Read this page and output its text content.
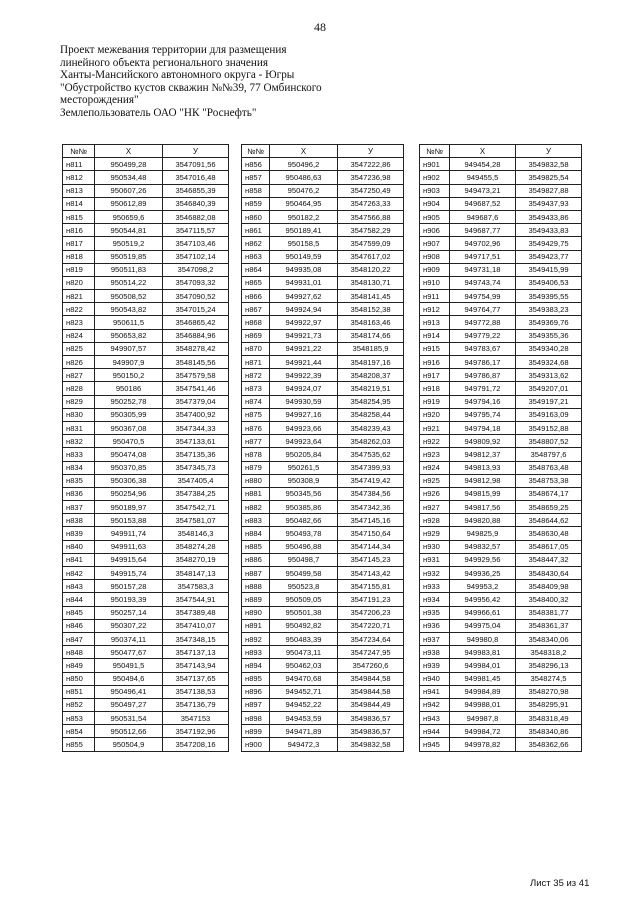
48
Проект межевания территории для размещения
линейного объекта регионального значения
Ханты-Мансийского автономного округа - Югры
"Обустройство кустов скважин №№39, 77 Омбинского
месторождения"
Землепользователь ОАО "НК "Роснефть"
№№	X	У
н811	950499,28	3547091,56
н812	950534,48	3547016,48
н813	950607,26	3546855,39
н814	950612,89	3546840,39
н815	950659,6	3546882,08
н816	950544,81	3547115,57
н817	950519,2	3547103,46
н818	950519,85	3547102,14
н819	950511,83	3547098,2
н820	950514,22	3547093,32
н821	950508,52	3547090,52
н822	950543,82	3547015,24
н823	950611,5	3546865,42
н824	950653,82	3546884,96
н825	949907,57	3548278,42
н826	949907,9	3548145,56
н827	950150,2	3547579,58
н828	950186	3547541,46
н829	950252,78	3547379,04
н830	950305,99	3547400,92
н831	950367,08	3547344,33
н832	950470,5	3547133,61
н833	950474,08	3547135,36
н834	950370,85	3547345,73
н835	950306,38	3547405,4
н836	950254,96	3547384,25
н837	950189,97	3547542,71
н838	950153,88	3547581,07
н839	949911,74	3548146,3
н840	949911,63	3548274,28
н841	949915,64	3548270,19
н842	949915,74	3548147,13
н843	950157,28	3547583,3
н844	950193,39	3547544,91
н845	950257,14	3547389,48
н846	950307,22	3547410,07
н847	950374,11	3547348,15
н848	950477,67	3547137,13
н849	950491,5	3547143,94
н850	950494,6	3547137,65
н851	950496,41	3547138,53
н852	950497,27	3547136,79
н853	950531,54	3547153
н854	950512,66	3547192,96
н855	950504,9	3547208,16
№№	X	У
н856	950496,2	3547222,86
н857	950486,63	3547236,98
н858	950476,2	3547250,49
н859	950464,95	3547263,33
н860	950182,2	3547566,88
н861	950189,41	3547582,29
н862	950158,5	3547599,09
н863	950149,59	3547617,02
н864	949935,08	3548120,22
н865	949931,01	3548130,71
н866	949927,62	3548141,45
н867	949924,94	3548152,38
н868	949922,97	3548163,46
н869	949921,73	3548174,66
н870	949921,22	3548185,9
н871	949921,44	3548197,16
н872	949922,39	3548208,37
н873	949924,07	3548219,51
н874	949930,59	3548254,95
н875	949927,16	3548258,44
н876	949923,66	3548239,43
н877	949923,64	3548262,03
н878	950205,84	3547535,62
н879	950261,5	3547399,93
н880	950308,9	3547419,42
н881	950345,56	3547384,56
н882	950385,86	3547342,36
н883	950482,66	3547145,16
н884	950493,78	3547150,64
н885	950496,88	3547144,34
н886	950498,7	3547145,23
н887	950499,58	3547143,42
н888	950523,8	3547155,81
н889	950509,05	3547191,23
н890	950501,38	3547206,23
н891	950492,82	3547220,71
н892	950483,39	3547234,64
н893	950473,11	3547247,95
н894	950462,03	3547260,6
н895	949470,68	3549844,58
н896	949452,71	3549844,58
н897	949452,22	3549844,49
н898	949453,59	3549836,57
н899	949471,89	3549836,57
н900	949472,3	3549832,58
№№	X	У
н901	949454,28	3549832,58
н902	949455,5	3549825,54
н903	949473,21	3549827,88
н904	949687,52	3549437,93
н905	949687,6	3549433,86
н906	949687,77	3549433,83
н907	949702,96	3549429,75
н908	949717,51	3549423,77
н909	949731,18	3549415,99
н910	949743,74	3549406,53
н911	949754,99	3549395,55
н912	949764,77	3549383,23
н913	949772,88	3549369,76
н914	949779,22	3549355,36
н915	949783,67	3549340,28
н916	949786,17	3549324,68
н917	949786,87	3549313,62
н918	949791,72	3549207,01
н919	949794,16	3549197,21
н920	949795,74	3549163,09
н921	949794,18	3549152,88
н922	949809,92	3548807,52
н923	949812,37	3548797,6
н924	949813,93	3548763,48
н925	949812,98	3548753,38
н926	949815,99	3548674,17
н927	949817,56	3548659,25
н928	949820,88	3548644,62
н929	949825,9	3548630,48
н930	949832,57	3548617,05
н931	949929,56	3548447,32
н932	949936,25	3548430,64
н933	949953,2	3548409,98
н934	949956,42	3548400,32
н935	949966,61	3548381,77
н936	949975,04	3548361,37
н937	949980,8	3548340,06
н938	949983,81	3548318,2
н939	949984,01	3548296,13
н940	949981,45	3548274,5
н941	949984,89	3548270,98
н942	949988,01	3548295,91
н943	949987,8	3548318,49
н944	949984,72	3548340,86
н945	949978,82	3548362,66
Лист 35 из 41
